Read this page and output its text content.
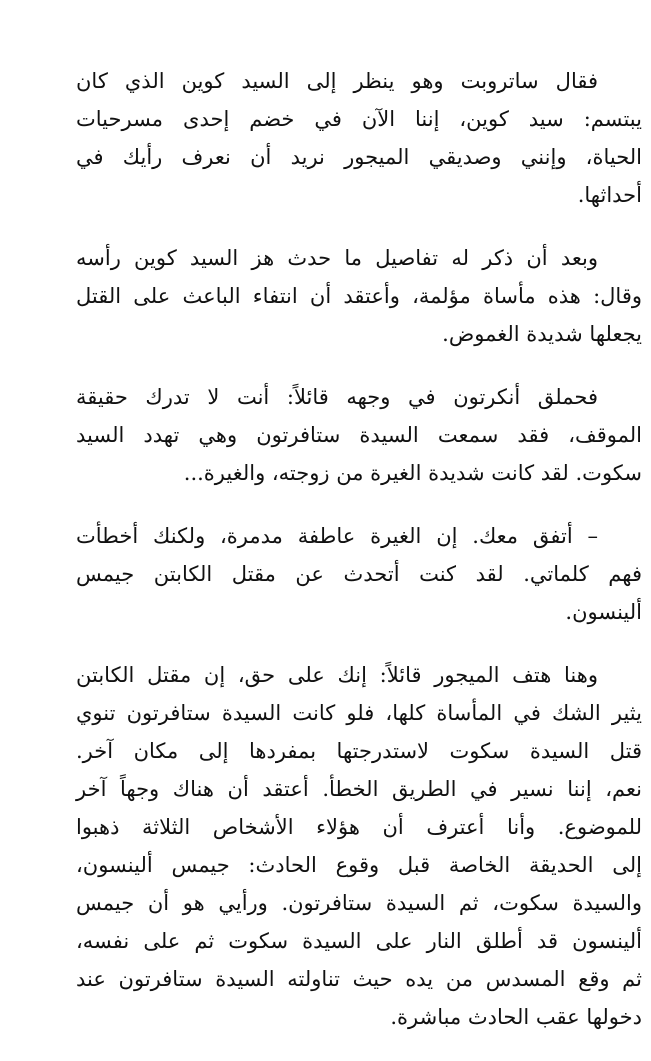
فقال ساتروبت وهو ينظر إلى السيد كوين الذي كان
يبتسم: سيد كوين، إننا الآن في خضم إحدى مسرحيات
الحياة، وإنني وصديقي الميجور نريد أن نعرف رأيك في
أحداثها.
وبعد أن ذكر له تفاصيل ما حدث هز السيد كوين رأسه
وقال: هذه مأساة مؤلمة، وأعتقد أن انتفاء الباعث على القتل
يجعلها شديدة الغموض.
فحملق أنكرتون في وجهه قائلاً: أنت لا تدرك حقيقة
الموقف، فقد سمعت السيدة ستافرتون وهي تهدد السيد
سكوت. لقد كانت شديدة الغيرة من زوجته، والغيرة...
– أتفق معك. إن الغيرة عاطفة مدمرة، ولكنك أخطأت
فهم كلماتي. لقد كنت أتحدث عن مقتل الكابتن جيمس
ألينسون.
وهنا هتف الميجور قائلاً: إنك على حق، إن مقتل الكابتن
يثير الشك في المأساة كلها، فلو كانت السيدة ستافرتون تنوي
قتل السيدة سكوت لاستدرجتها بمفردها إلى مكان آخر.
نعم، إننا نسير في الطريق الخطأ. أعتقد أن هناك وجهاً آخر
للموضوع. وأنا أعترف أن هؤلاء الأشخاص الثلاثة ذهبوا
إلى الحديقة الخاصة قبل وقوع الحادث: جيمس ألينسون،
والسيدة سكوت، ثم السيدة ستافرتون. ورأيي هو أن جيمس
ألينسون قد أطلق النار على السيدة سكوت ثم على نفسه،
ثم وقع المسدس من يده حيث تناولته السيدة ستافرتون عند
دخولها عقب الحادث مباشرة.
